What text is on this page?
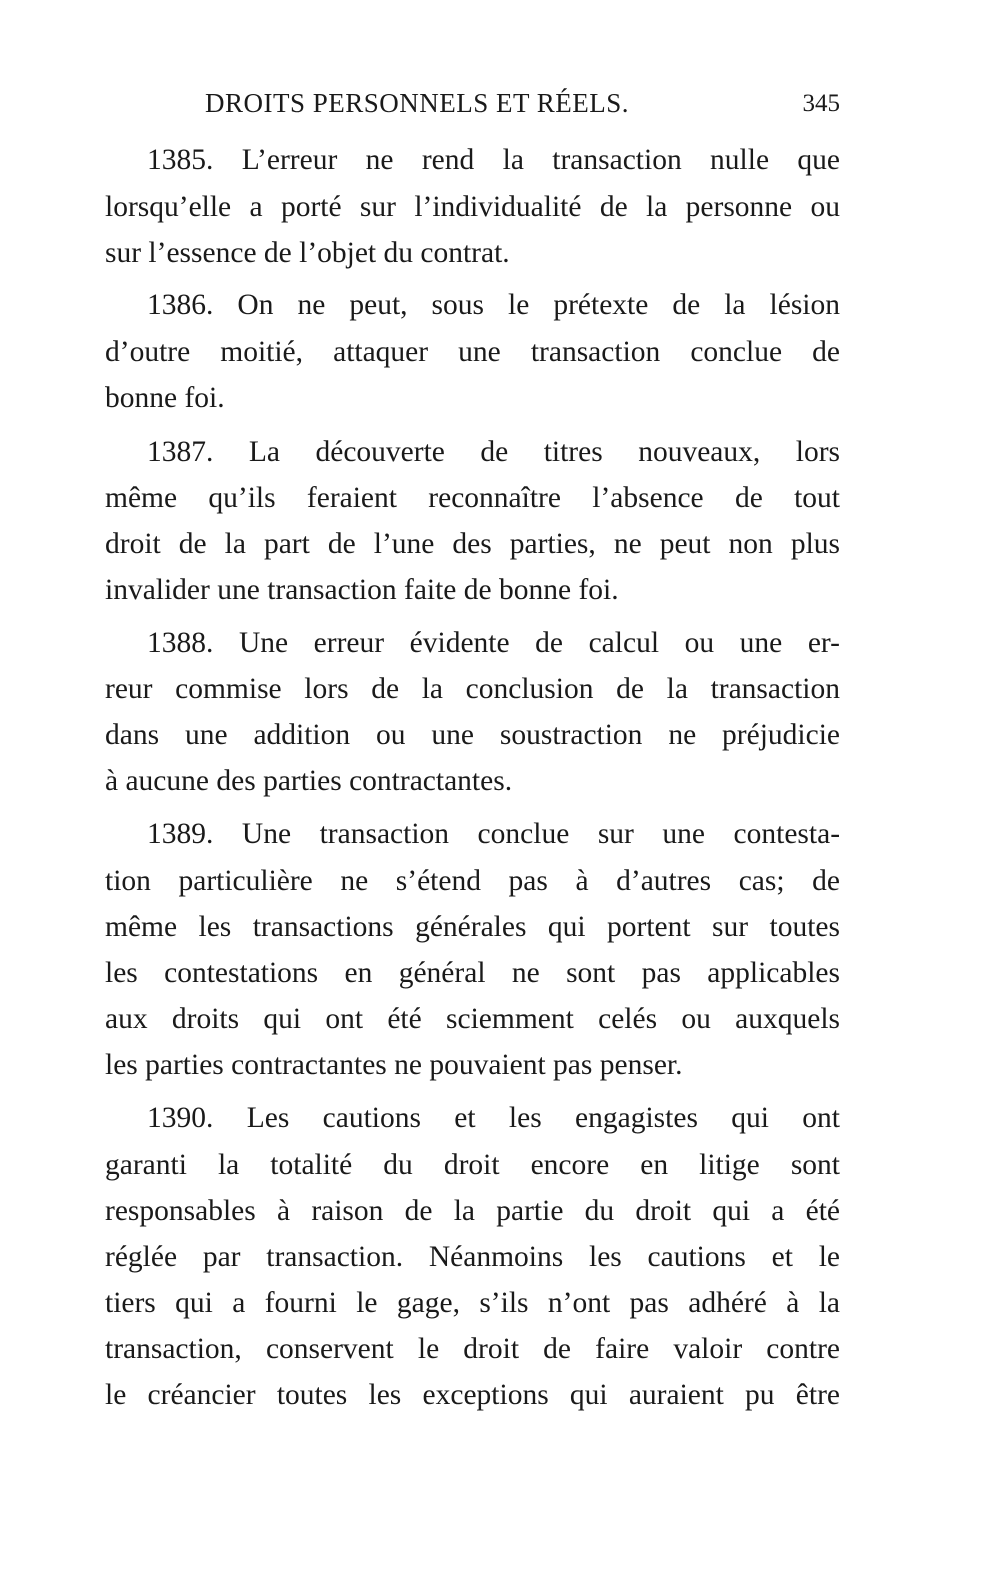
DROITS PERSONNELS ET RÉELS.	345
1385. L’erreur ne rend la transaction nulle que
lorsqu’elle a porté sur l’individualité de la personne ou
sur l’essence de l’objet du contrat.
1386. On ne peut, sous le prétexte de la lésion
d’outre moitié, attaquer une transaction conclue de
bonne foi.
1387. La découverte de titres nouveaux, lors
même qu’ils feraient reconnaître l’absence de tout
droit de la part de l’une des parties, ne peut non plus
invalider une transaction faite de bonne foi.
1388. Une erreur évidente de calcul ou une er-
reur commise lors de la conclusion de la transaction
dans une addition ou une soustraction ne préjudicie
à aucune des parties contractantes.
1389. Une transaction conclue sur une contesta-
tion particulière ne s’étend pas à d’autres cas; de
même les transactions générales qui portent sur toutes
les contestations en général ne sont pas applicables
aux droits qui ont été sciemment celés ou auxquels
les parties contractantes ne pouvaient pas penser.
1390. Les cautions et les engagistes qui ont
garanti la totalité du droit encore en litige sont
responsables à raison de la partie du droit qui a été
réglée par transaction. Néanmoins les cautions et le
tiers qui a fourni le gage, s’ils n’ont pas adhéré à la
transaction, conservent le droit de faire valoir contre
le créancier toutes les exceptions qui auraient pu être
